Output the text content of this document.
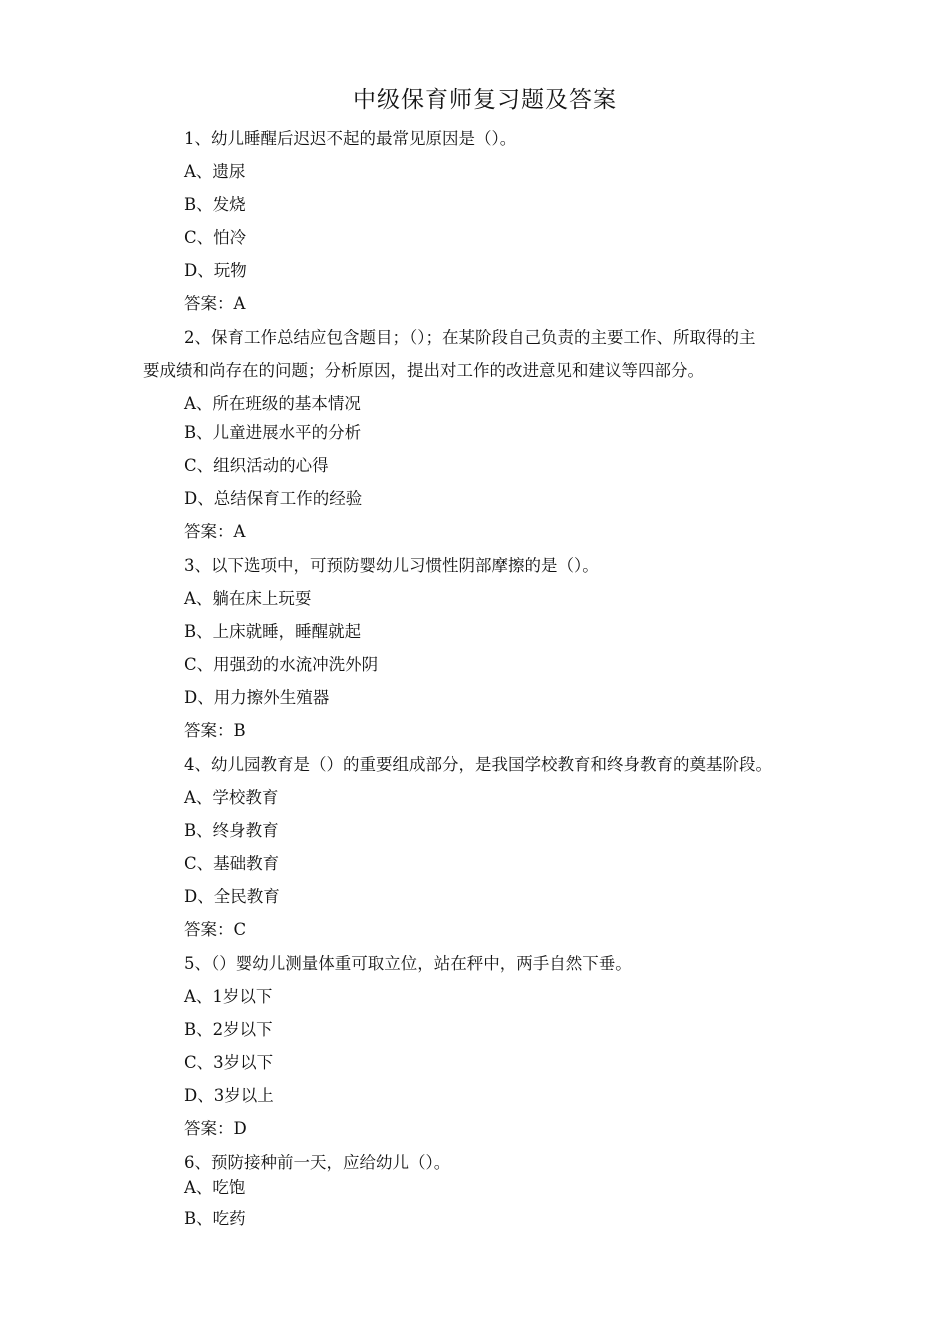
中级保育师复习题及答案
1、幼儿睡醒后迟迟不起的最常见原因是（）。
A、遗尿
B、发烧
C、怕冷
D、玩物
答案：A
2、保育工作总结应包含题目；（）；在某阶段自己负责的主要工作、所取得的主
要成绩和尚存在的问题；分析原因，提出对工作的改进意见和建议等四部分。
A、所在班级的基本情况
B、儿童进展水平的分析
C、组织活动的心得
D、总结保育工作的经验
答案：A
3、以下选项中，可预防婴幼儿习惯性阴部摩擦的是（）。
A、躺在床上玩耍
B、上床就睡，睡醒就起
C、用强劲的水流冲洗外阴
D、用力擦外生殖器
答案：B
4、幼儿园教育是（）的重要组成部分，是我国学校教育和终身教育的奠基阶段。
A、学校教育
B、终身教育
C、基础教育
D、全民教育
答案：C
5、（）婴幼儿测量体重可取立位，站在秤中，两手自然下垂。
A、1岁以下
B、2岁以下
C、3岁以下
D、3岁以上
答案：D
6、预防接种前一天，应给幼儿（）。
A、吃饱
B、吃药
